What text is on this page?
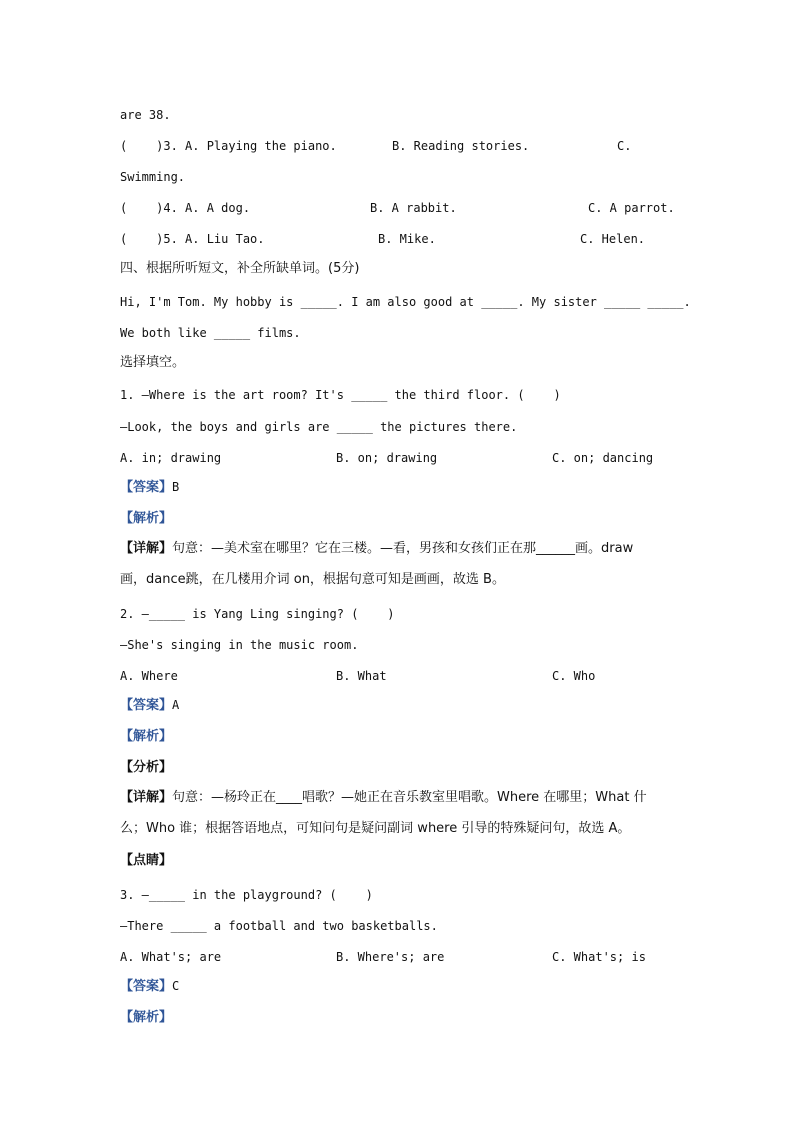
are 38.
(    )3. A. Playing the piano.	B. Reading stories.	C.
Swimming.
(    )4. A. A dog.	B. A rabbit.	C. A parrot.
(    )5. A. Liu Tao.	B. Mike.	C. Helen.
四、根据所听短文，补全所缺单词。(5分)
Hi, I'm Tom. My hobby is _____. I am also good at _____. My sister _____ _____.
We both like _____ films.
选择填空。
1. —Where is the art room? It's _____ the third floor. (    )
—Look, the boys and girls are _____ the pictures there.
A. in; drawing	B. on; drawing	C. on; dancing
【答案】B
【解析】
【详解】句意：—美术室在哪里？它在三楼。—看，男孩和女孩们正在那______画。draw
画，dance跳，在几楼用介词 on，根据句意可知是画画，故选 B。
2. —_____ is Yang Ling singing? (    )
—She's singing in the music room.
A. Where	B. What	C. Who
【答案】A
【解析】
【分析】
【详解】句意：—杨玲正在____唱歌？—她正在音乐教室里唱歌。Where 在哪里；What 什
么；Who 谁；根据答语地点，可知问句是疑问副词 where 引导的特殊疑问句，故选 A。
【点睛】
3. —_____ in the playground? (    )
—There _____ a football and two basketballs.
A. What's; are	B. Where's; are	C. What's; is
【答案】C
【解析】
